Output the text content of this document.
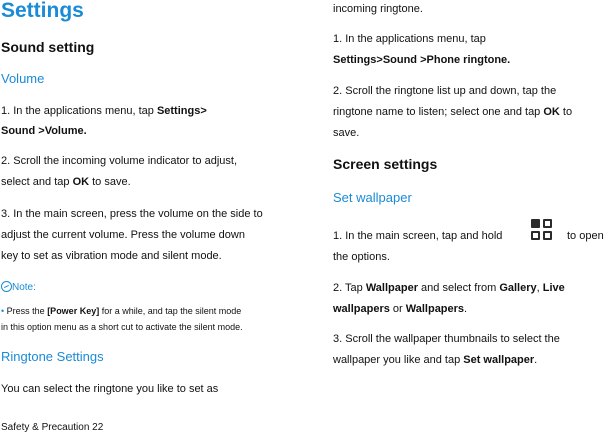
Settings
Sound setting
Volume
1. In the applications menu, tap Settings>
Sound >Volume.
2. Scroll the incoming volume indicator to adjust,
select and tap OK to save.
3. In the main screen, press the volume on the side to
adjust the current volume. Press the volume down
key to set as vibration mode and silent mode.
Note:
• Press the [Power Key] for a while, and tap the silent mode
in this option menu as a short cut to activate the silent mode.
Ringtone Settings
You can select the ringtone you like to set as
Safety & Precaution 22
incoming ringtone.
1. In the applications menu, tap
Settings>Sound >Phone ringtone.
2. Scroll the ringtone list up and down, tap the
ringtone name to listen; select one and tap OK to
save.
Screen settings
Set wallpaper
1. In the main screen, tap and hold	to open
the options.
2. Tap Wallpaper and select from Gallery, Live
wallpapers or Wallpapers.
3. Scroll the wallpaper thumbnails to select the
wallpaper you like and tap Set wallpaper.
